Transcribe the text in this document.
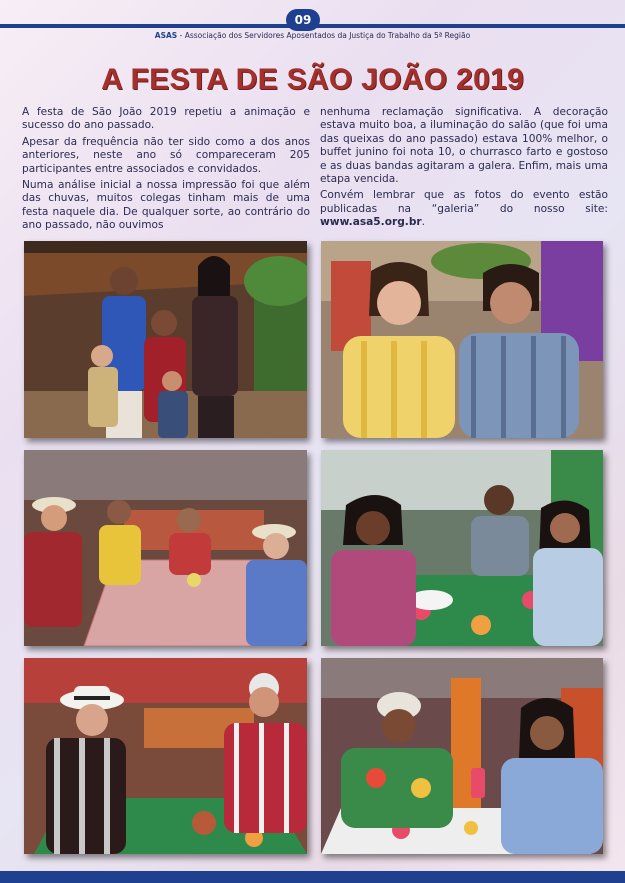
09
ASAS - Associação dos Servidores Aposentados da Justiça do Trabalho da 5ª Região
A FESTA DE SÃO JOÃO 2019

A festa de São João 2019 repetiu a animação e sucesso do ano passado.

Apesar da frequência não ter sido como a dos anos anteriores, neste ano só compareceram 205 participantes entre associados e convidados.

Numa análise inicial a nossa impressão foi que além das chuvas, muitos colegas tinham mais de uma festa naquele dia. De qualquer sorte, ao contrário do ano passado, não ouvimos

nenhuma reclamação significativa. A decoração estava muito boa, a iluminação do salão (que foi uma das queixas do ano passado) estava 100% melhor, o buffet junino foi nota 10, o churrasco farto e gostoso e as duas bandas agitaram a galera. Enfim, mais uma etapa vencida.

Convém lembrar que as fotos do evento estão publicadas na “galeria” do nosso site: www.asa5.org.br.
